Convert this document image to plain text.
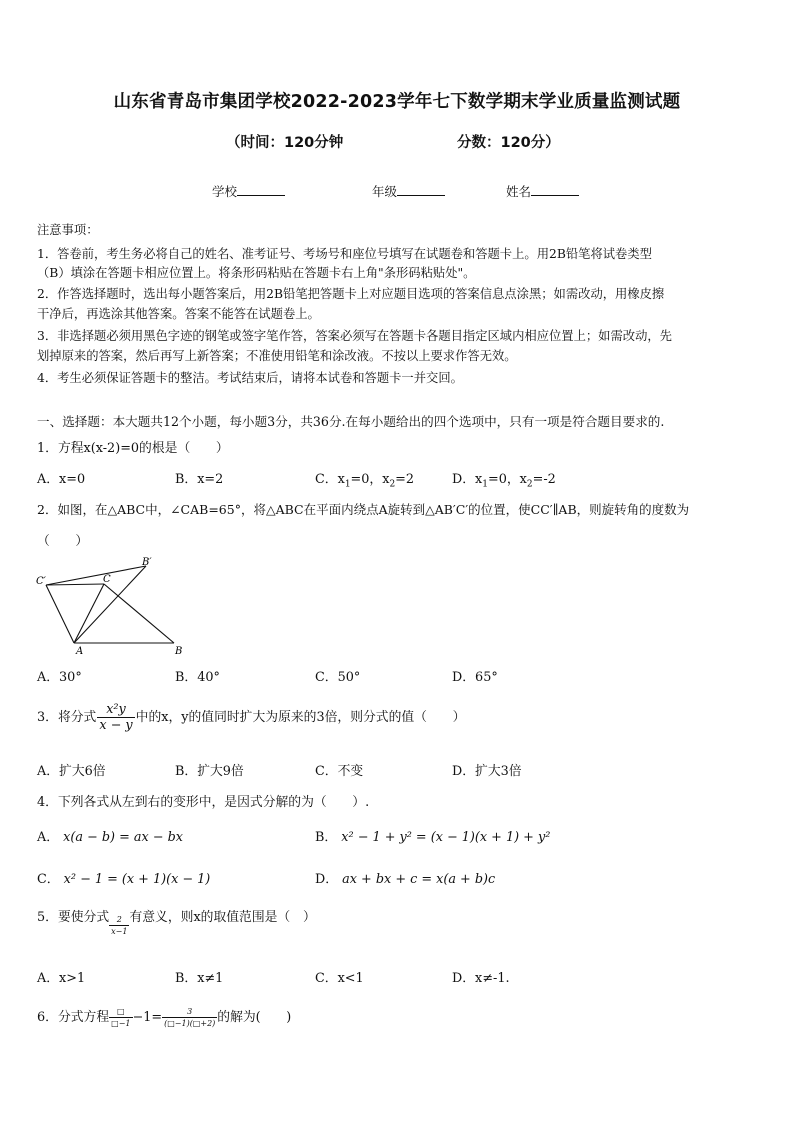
山东省青岛市集团学校2022-2023学年七下数学期末学业质量监测试题
（时间：120分钟	分数：120分）
学校	年级	姓名
注意事项：
1．答卷前，考生务必将自己的姓名、准考证号、考场号和座位号填写在试题卷和答题卡上。用2B铅笔将试卷类型
（B）填涂在答题卡相应位置上。将条形码粘贴在答题卡右上角"条形码粘贴处"。
2．作答选择题时，选出每小题答案后，用2B铅笔把答题卡上对应题目选项的答案信息点涂黑；如需改动，用橡皮擦
干净后，再选涂其他答案。答案不能答在试题卷上。
3．非选择题必须用黑色字迹的钢笔或签字笔作答，答案必须写在答题卡各题目指定区域内相应位置上；如需改动，先
划掉原来的答案，然后再写上新答案；不准使用铅笔和涂改液。不按以上要求作答无效。
4．考生必须保证答题卡的整洁。考试结束后，请将本试卷和答题卡一并交回。
一、选择题：本大题共12个小题，每小题3分，共36分.在每小题给出的四个选项中，只有一项是符合题目要求的.
1．方程x(x-2)=0的根是（　　）
A．x=0	B．x=2	C．$x_1=0$，$x_2=2$	D．$x_1=0$，$x_2=-2$
2．如图，在△ABC中，∠CAB=65°，将△ABC在平面内绕点A旋转到△AB′C′的位置，使CC′∥AB，则旋转角的度数为
（　　）
C′	C
B′
A	B
A．30°	B．40°	C．50°	D．65°
3．将分式 $\frac{\text{x²y}}{x - y}$ 中的x，y的值同时扩大为原来的3倍，则分式的值（　　）
A．扩大6倍	B．扩大9倍	C．不变	D．扩大3倍
4．下列各式从左到右的变形中，是因式分解的为（　　）.
A． x(a − b) = ax − bx	B． x² − 1 + y² = (x − 1)(x + 1) + y²
C． x² − 1 = (x + 1)(x − 1)	D． ax + bx + c = x(a + b)c
5．要使分式 $\frac{2}{x-1}$ 有意义，则x的取值范围是（　）
A．x>1	B．x≠1	C．x<1	D．x≠-1.
6．分式方程 $\frac{□}{□-1} -1= \frac{3}{(□-1)(□+2)}$ 的解为(　　)
